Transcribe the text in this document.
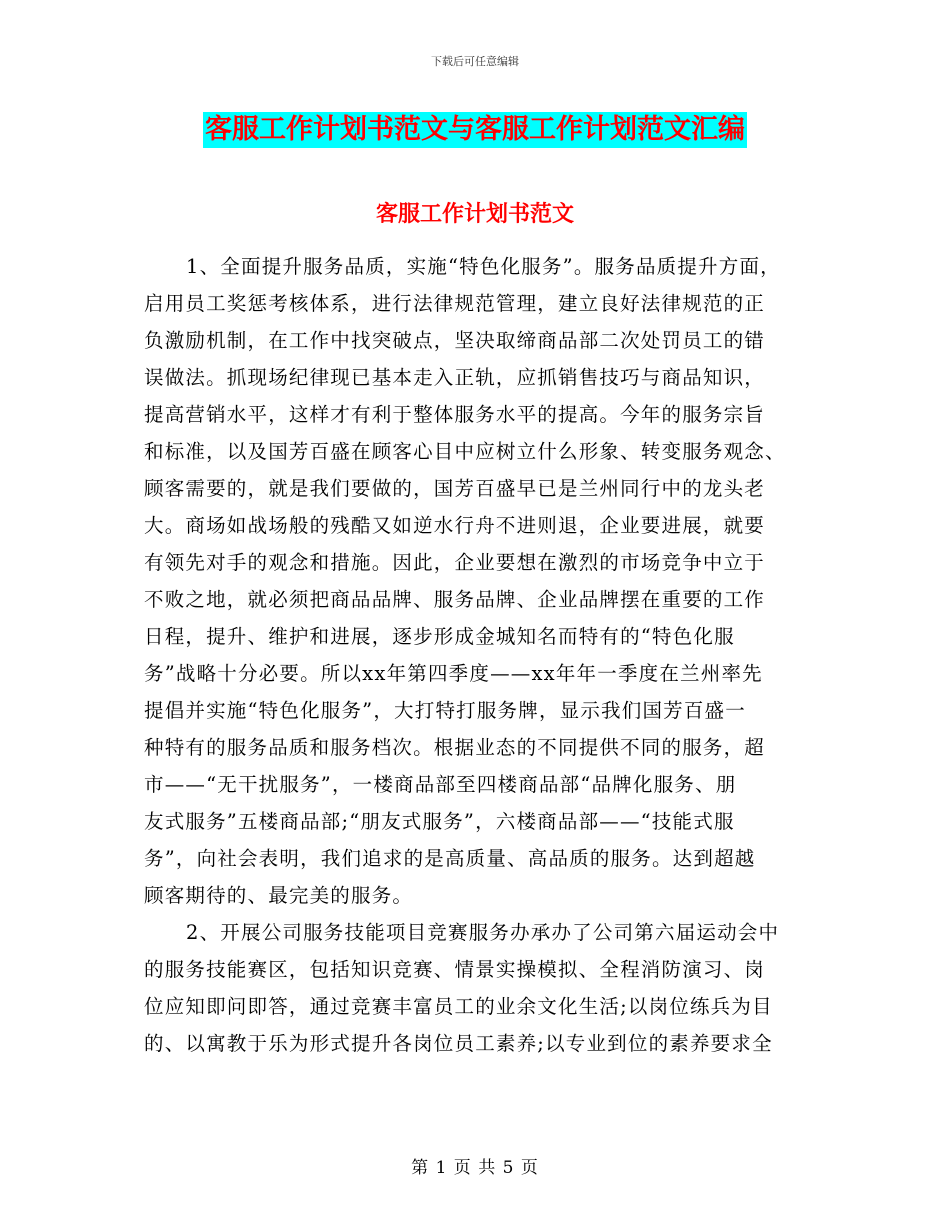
下载后可任意编辑
客服工作计划书范文与客服工作计划范文汇编
客服工作计划书范文
1、全面提升服务品质，实施“特色化服务”。服务品质提升方面，
启用员工奖惩考核体系，进行法律规范管理，建立良好法律规范的正
负激励机制，在工作中找突破点，坚决取缔商品部二次处罚员工的错
误做法。抓现场纪律现已基本走入正轨，应抓销售技巧与商品知识，
提高营销水平，这样才有利于整体服务水平的提高。今年的服务宗旨
和标准，以及国芳百盛在顾客心目中应树立什么形象、转变服务观念、
顾客需要的，就是我们要做的，国芳百盛早已是兰州同行中的龙头老
大。商场如战场般的残酷又如逆水行舟不进则退，企业要进展，就要
有领先对手的观念和措施。因此，企业要想在激烈的市场竞争中立于
不败之地，就必须把商品品牌、服务品牌、企业品牌摆在重要的工作
日程，提升、维护和进展，逐步形成金城知名而特有的“特色化服
务”战略十分必要。所以xx年第四季度——xx年年一季度在兰州率先
提倡并实施“特色化服务”，大打特打服务牌，显示我们国芳百盛一
种特有的服务品质和服务档次。根据业态的不同提供不同的服务，超
市——“无干扰服务”，一楼商品部至四楼商品部“品牌化服务、朋
友式服务”五楼商品部;“朋友式服务”，六楼商品部——“技能式服
务”，向社会表明，我们追求的是高质量、高品质的服务。达到超越
顾客期待的、最完美的服务。
2、开展公司服务技能项目竞赛服务办承办了公司第六届运动会中
的服务技能赛区，包括知识竞赛、情景实操模拟、全程消防演习、岗
位应知即问即答，通过竞赛丰富员工的业余文化生活;以岗位练兵为目
的、以寓教于乐为形式提升各岗位员工素养;以专业到位的素养要求全
第 1 页 共 5 页
